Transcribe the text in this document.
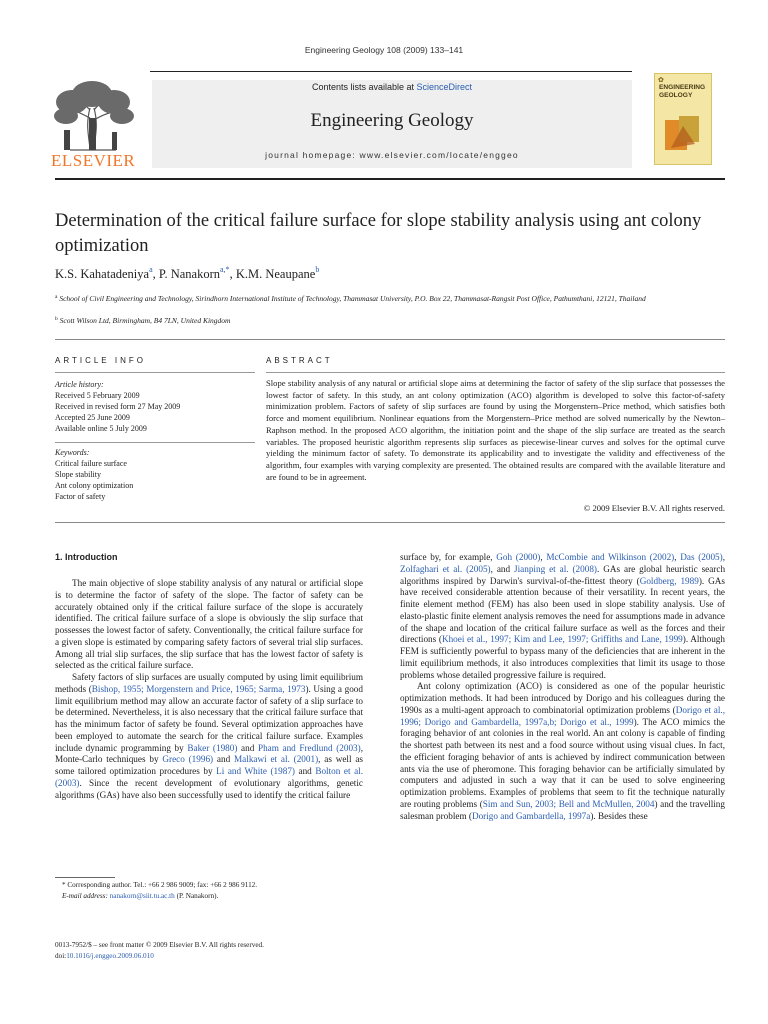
Engineering Geology 108 (2009) 133–141
ELSEVIER
Contents lists available at ScienceDirect
Engineering Geology
journal homepage: www.elsevier.com/locate/enggeo
✿
ENGINEERING
GEOLOGY
Determination of the critical failure surface for slope stability analysis using ant colony optimization
K.S. Kahatadeniya$^a$, P. Nanakorn$^{a,*}$, K.M. Neaupane$^b$
$^a$ School of Civil Engineering and Technology, Sirindhorn International Institute of Technology, Thammasat University, P.O. Box 22, Thammasat-Rangsit Post Office, Pathumthani, 12121, Thailand
$^b$ Scott Wilson Ltd, Birmingham, B4 7LN, United Kingdom
ARTICLE INFO
Article history:
Received 5 February 2009
Received in revised form 27 May 2009
Accepted 25 June 2009
Available online 5 July 2009
Keywords:
Critical failure surface
Slope stability
Ant colony optimization
Factor of safety
ABSTRACT
Slope stability analysis of any natural or artificial slope aims at determining the factor of safety of the slip surface that possesses the lowest factor of safety. In this study, an ant colony optimization (ACO) algorithm is developed to solve this factor-of-safety minimization problem. Factors of safety of slip surfaces are found by using the Morgenstern–Price method, which satisfies both force and moment equilibrium. Nonlinear equations from the Morgenstern–Price method are solved numerically by the Newton–Raphson method. In the proposed ACO algorithm, the initiation point and the shape of the slip surface are treated as the search variables. The proposed heuristic algorithm represents slip surfaces as piecewise-linear curves and solves for the optimal curve yielding the minimum factor of safety. To demonstrate its applicability and to investigate the validity and effectiveness of the algorithm, four examples with varying complexity are presented. The obtained results are compared with the available literature and are found to be in agreement.
© 2009 Elsevier B.V. All rights reserved.
1. Introduction

The main objective of slope stability analysis of any natural or artificial slope is to determine the factor of safety of the slope. The factor of safety can be accurately obtained only if the critical failure surface of the slope is accurately identified. The critical failure surface of a slope is obviously the slip surface that possesses the lowest factor of safety. Conventionally, the critical failure surface for a given slope is estimated by comparing safety factors of several trial slip surfaces. Among all trial slip surfaces, the slip surface that has the lowest factor of safety is selected as the critical failure surface.

Safety factors of slip surfaces are usually computed by using limit equilibrium methods (Bishop, 1955; Morgenstern and Price, 1965; Sarma, 1973). Using a good limit equilibrium method may allow an accurate factor of safety of a slip surface to be determined. Nevertheless, it is also necessary that the critical failure surface that has the minimum factor of safety be found. Several optimization approaches have been employed to automate the search for the critical failure surface. Examples include dynamic programming by Baker (1980) and Pham and Fredlund (2003), Monte-Carlo techniques by Greco (1996) and Malkawi et al. (2001), as well as some tailored optimization procedures by Li and White (1987) and Bolton et al. (2003). Since the recent development of evolutionary algorithms, genetic algorithms (GAs) have also been successfully used to identify the critical failure

* Corresponding author. Tel.: +66 2 986 9009; fax: +66 2 986 9112.
E-mail address: nanakorn@siit.tu.ac.th (P. Nanakorn).
0013-7952/$ – see front matter © 2009 Elsevier B.V. All rights reserved.
doi:10.1016/j.enggeo.2009.06.010

surface by, for example, Goh (2000), McCombie and Wilkinson (2002), Das (2005), Zolfaghari et al. (2005), and Jianping et al. (2008). GAs are global heuristic search algorithms inspired by Darwin's survival-of-the-fittest theory (Goldberg, 1989). GAs have received considerable attention because of their versatility. In recent years, the finite element method (FEM) has also been used in slope stability analysis. Use of elasto-plastic finite element analysis removes the need for assumptions made in advance of the shape and location of the critical failure surface as well as the forces and their directions (Khoei et al., 1997; Kim and Lee, 1997; Griffiths and Lane, 1999). Although FEM is sufficiently powerful to bypass many of the deficiencies that are inherent in the limit equilibrium methods, it also introduces complexities that limit its usage to those problems whose detailed progressive failure is required.

Ant colony optimization (ACO) is considered as one of the popular heuristic optimization methods. It had been introduced by Dorigo and his colleagues during the 1990s as a multi-agent approach to combinatorial optimization problems (Dorigo et al., 1996; Dorigo and Gambardella, 1997a,b; Dorigo et al., 1999). The ACO mimics the foraging behavior of ant colonies in the real world. An ant colony is capable of finding the shortest path between its nest and a food source without using visual clues. In fact, the efficient foraging behavior of ants is achieved by indirect communication between ants via the use of pheromone. This foraging behavior can be artificially simulated by computers and adjusted in such a way that it can be used to solve engineering optimization problems. Examples of problems that seem to fit the technique naturally are routing problems (Sim and Sun, 2003; Bell and McMullen, 2004) and the travelling salesman problem (Dorigo and Gambardella, 1997a). Besides these
